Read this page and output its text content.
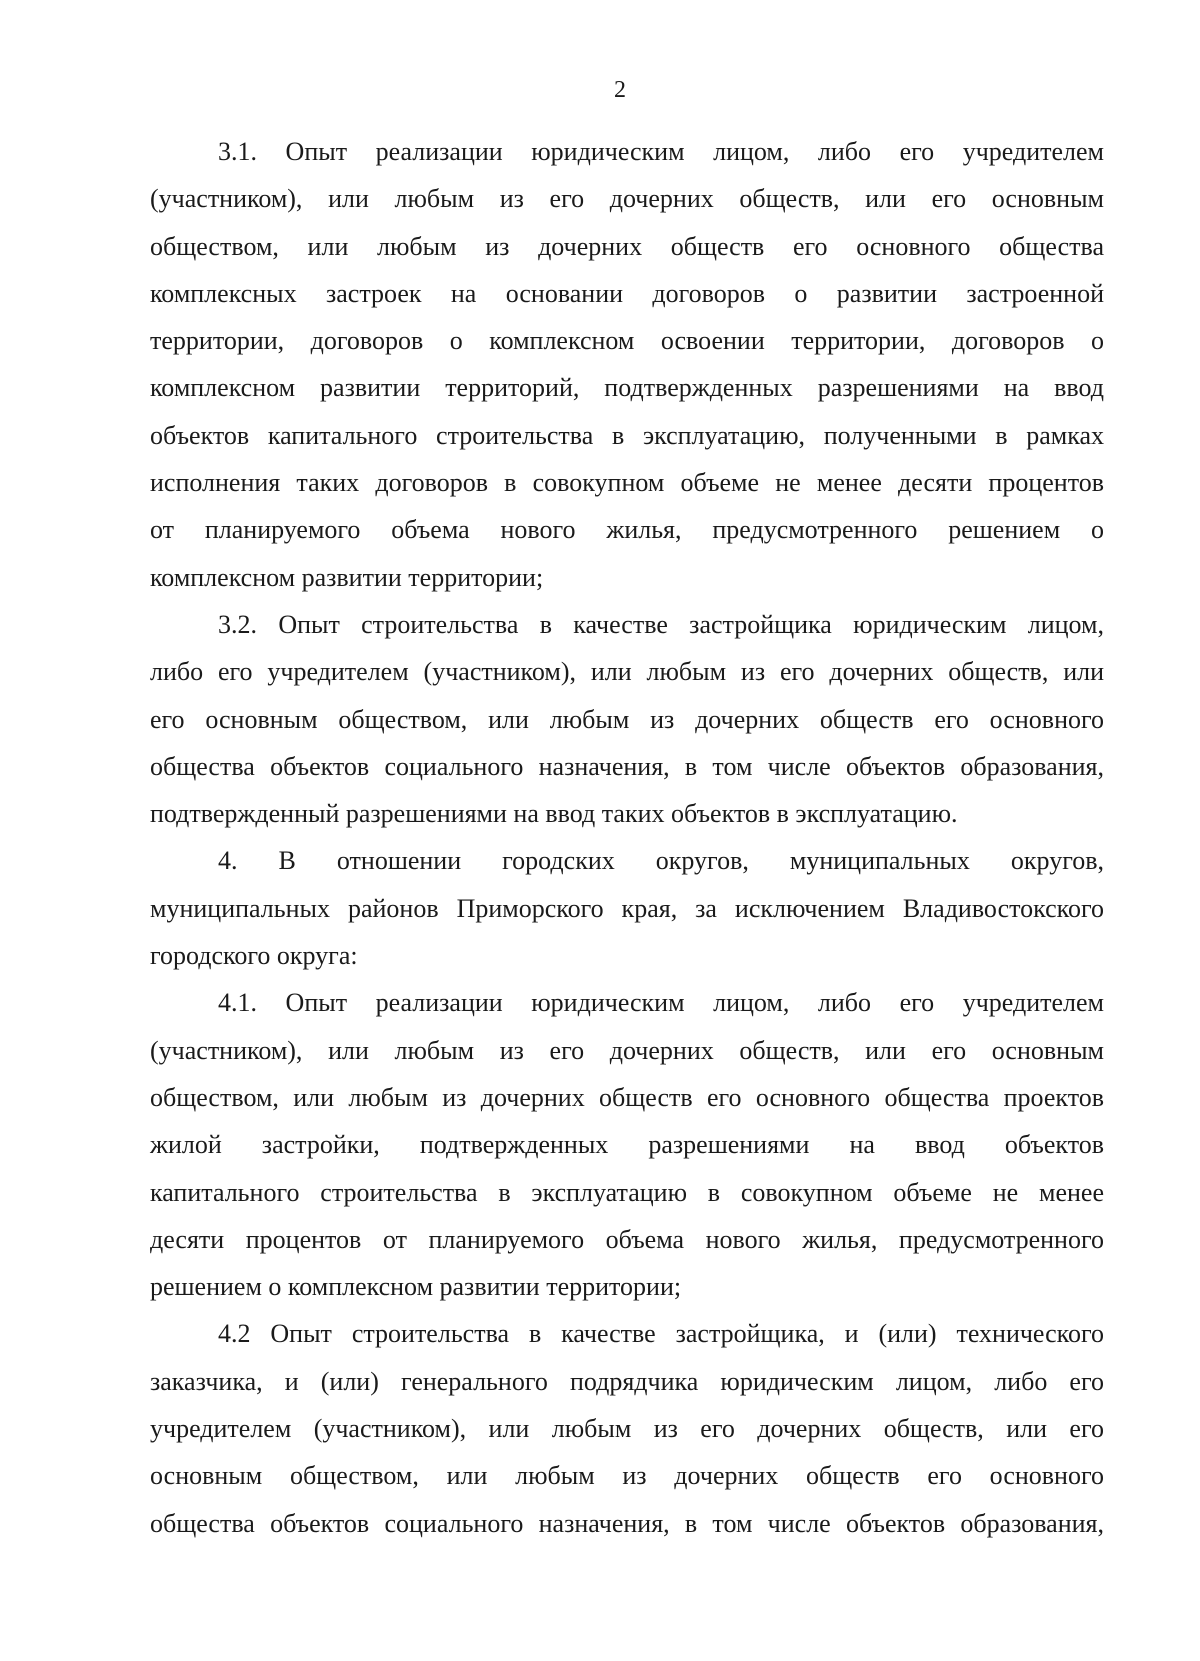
2
3.1. Опыт реализации юридическим лицом, либо его учредителем
(участником), или любым из его дочерних обществ, или его основным
обществом, или любым из дочерних обществ его основного общества
комплексных застроек на основании договоров о развитии застроенной
территории, договоров о комплексном освоении территории, договоров о
комплексном развитии территорий, подтвержденных разрешениями на ввод
объектов капитального строительства в эксплуатацию, полученными в рамках
исполнения таких договоров в совокупном объеме не менее десяти процентов
от планируемого объема нового жилья, предусмотренного решением о
комплексном развитии территории;
3.2. Опыт строительства в качестве застройщика юридическим лицом,
либо его учредителем (участником), или любым из его дочерних обществ, или
его основным обществом, или любым из дочерних обществ его основного
общества объектов социального назначения, в том числе объектов образования,
подтвержденный разрешениями на ввод таких объектов в эксплуатацию.
4. В отношении городских округов, муниципальных округов,
муниципальных районов Приморского края, за исключением Владивостокского
городского округа:
4.1. Опыт реализации юридическим лицом, либо его учредителем
(участником), или любым из его дочерних обществ, или его основным
обществом, или любым из дочерних обществ его основного общества проектов
жилой застройки, подтвержденных разрешениями на ввод объектов
капитального строительства в эксплуатацию в совокупном объеме не менее
десяти процентов от планируемого объема нового жилья, предусмотренного
решением о комплексном развитии территории;
4.2 Опыт строительства в качестве застройщика, и (или) технического
заказчика, и (или) генерального подрядчика юридическим лицом, либо его
учредителем (участником), или любым из его дочерних обществ, или его
основным обществом, или любым из дочерних обществ его основного
общества объектов социального назначения, в том числе объектов образования,
